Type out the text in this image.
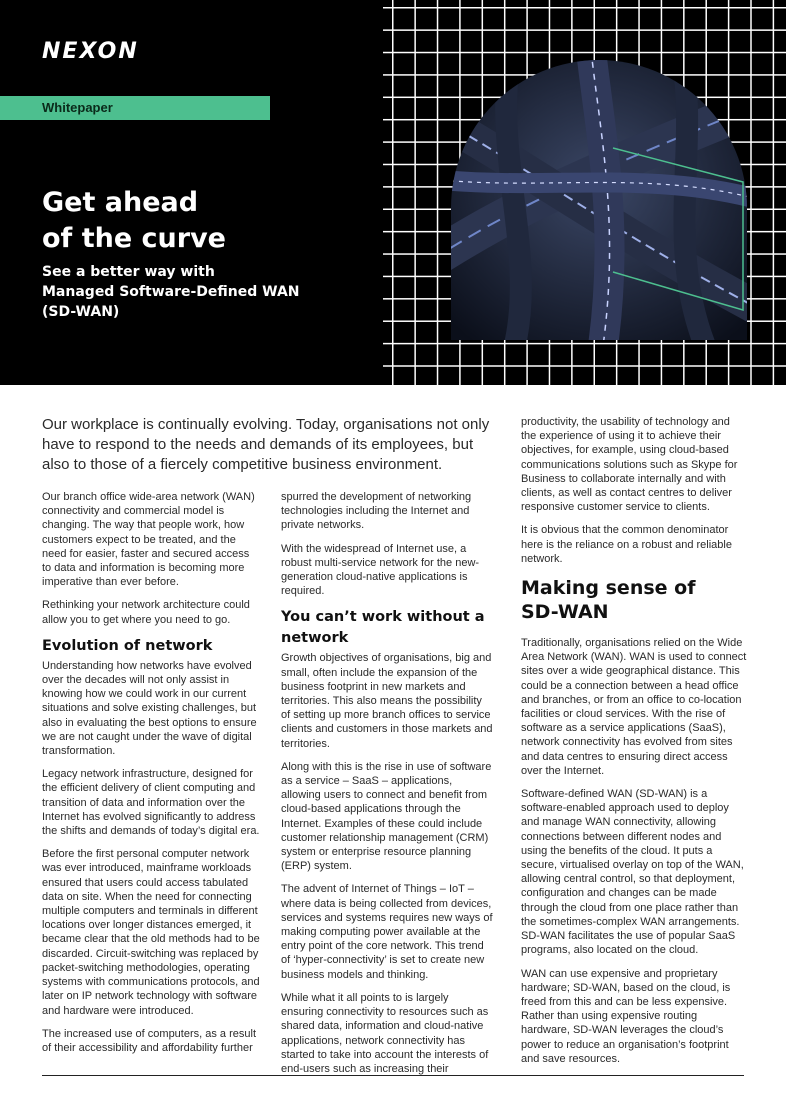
NEXON
Whitepaper
Get ahead
of the curve

See a better way with
Managed Software-Defined WAN
(SD-WAN)

Our workplace is continually evolving. Today, organisations not only have to respond to the needs and demands of its employees, but also to those of a fiercely competitive business environment.

Our branch office wide-area network (WAN) connectivity and commercial model is changing. The way that people work, how customers expect to be treated, and the need for easier, faster and secured access to data and information is becoming more imperative than ever before.

Rethinking your network architecture could allow you to get where you need to go.

Evolution of network

Understanding how networks have evolved over the decades will not only assist in knowing how we could work in our current situations and solve existing challenges, but also in evaluating the best options to ensure we are not caught under the wave of digital transformation.

Legacy network infrastructure, designed for the efficient delivery of client computing and transition of data and information over the Internet has evolved significantly to address the shifts and demands of today’s digital era.

Before the first personal computer network was ever introduced, mainframe workloads ensured that users could access tabulated data on site. When the need for connecting multiple computers and terminals in different locations over longer distances emerged, it became clear that the old methods had to be discarded. Circuit-switching was replaced by packet-switching methodologies, operating systems with communications protocols, and later on IP network technology with software and hardware were introduced.

The increased use of computers, as a result of their accessibility and affordability further

spurred the development of networking technologies including the Internet and private networks.

With the widespread of Internet use, a robust multi-service network for the new-generation cloud-native applications is required.

You can’t work without a network

Growth objectives of organisations, big and small, often include the expansion of the business footprint in new markets and territories. This also means the possibility of setting up more branch offices to service clients and customers in those markets and territories.

Along with this is the rise in use of software as a service – SaaS – applications, allowing users to connect and benefit from cloud-based applications through the Internet. Examples of these could include customer relationship management (CRM) system or enterprise resource planning (ERP) system.

The advent of Internet of Things – IoT – where data is being collected from devices, services and systems requires new ways of making computing power available at the entry point of the core network. This trend of ‘hyper-connectivity’ is set to create new business models and thinking.

While what it all points to is largely ensuring connectivity to resources such as shared data, information and cloud-native applications, network connectivity has started to take into account the interests of end-users such as increasing their

productivity, the usability of technology and the experience of using it to achieve their objectives, for example, using cloud-based communications solutions such as Skype for Business to collaborate internally and with clients, as well as contact centres to deliver responsive customer service to clients.

It is obvious that the common denominator here is the reliance on a robust and reliable network.

Making sense of
SD-WAN

Traditionally, organisations relied on the Wide Area Network (WAN). WAN is used to connect sites over a wide geographical distance. This could be a connection between a head office and branches, or from an office to co-location facilities or cloud services. With the rise of software as a service applications (SaaS), network connectivity has evolved from sites and data centres to ensuring direct access over the Internet.

Software-defined WAN (SD-WAN) is a software-enabled approach used to deploy and manage WAN connectivity, allowing connections between different nodes and using the benefits of the cloud. It puts a secure, virtualised overlay on top of the WAN, allowing central control, so that deployment, configuration and changes can be made through the cloud from one place rather than the sometimes-complex WAN arrangements. SD-WAN facilitates the use of popular SaaS programs, also located on the cloud.

WAN can use expensive and proprietary hardware; SD-WAN, based on the cloud, is freed from this and can be less expensive. Rather than using expensive routing hardware, SD-WAN leverages the cloud’s power to reduce an organisation’s footprint and save resources.
